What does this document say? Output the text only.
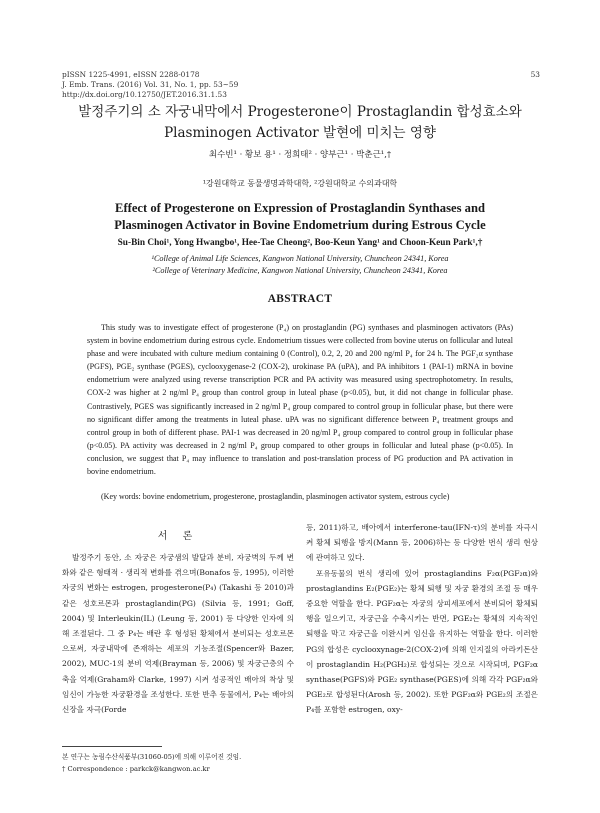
pISSN 1225-4991, eISSN 2288-0178
J. Emb. Trans. (2016) Vol. 31, No. 1, pp. 53~59
http://dx.doi.org/10.12750/JET.2016.31.1.53
53
발정주기의 소 자궁내막에서 Progesterone이 Prostaglandin 합성효소와
Plasminogen Activator 발현에 미치는 영향
최수빈¹ · 황보 용¹ · 정희태² · 양부근¹ · 박춘근¹,†
¹강원대학교 동물생명과학대학, ²강원대학교 수의과대학
Effect of Progesterone on Expression of Prostaglandin Synthases and
Plasminogen Activator in Bovine Endometrium during Estrous Cycle
Su-Bin Choi¹, Yong Hwangbo¹, Hee-Tae Cheong², Boo-Keun Yang¹ and Choon-Keun Park¹,†
¹College of Animal Life Sciences, Kangwon National University, Chuncheon 24341, Korea
²College of Veterinary Medicine, Kangwon National University, Chuncheon 24341, Korea
ABSTRACT

This study was to investigate effect of progesterone (P₄) on prostaglandin (PG) synthases and plasminogen activators (PAs) system in bovine endometrium during estrous cycle. Endometrium tissues were collected from bovine uterus on follicular and luteal phase and were incubated with culture medium containing 0 (Control), 0.2, 2, 20 and 200 ng/ml P₄ for 24 h. The PGF₂α synthase (PGFS), PGE₂ synthase (PGES), cyclooxygenase-2 (COX-2), urokinase PA (uPA), and PA inhibitors 1 (PAI-1) mRNA in bovine endometrium were analyzed using reverse transcription PCR and PA activity was measured using spectrophotometry. In results, COX-2 was higher at 2 ng/ml P₄ group than control group in luteal phase (p<0.05), but, it did not change in follicular phase. Contrastively, PGES was significantly increased in 2 ng/ml P₄ group compared to control group in follicular phase, but there were no significant differ among the treatments in luteal phase. uPA was no significant difference between P₄ treatment groups and control group in both of different phase. PAI-1 was decreased in 20 ng/ml P₄ group compared to control group in follicular phase (p<0.05). PA activity was decreased in 2 ng/ml P₄ group compared to other groups in follicular and luteal phase (p<0.05). In conclusion, we suggest that P₄ may influence to translation and post-translation process of PG production and PA activation in bovine endometrium.

(Key words: bovine endometrium, progesterone, prostaglandin, plasminogen activator system, estrous cycle)
서 론

발정주기 동안, 소 자궁은 자궁샘의 발달과 분비, 자궁벽의 두께 변화와 같은 형태적 · 생리적 변화를 겪으며(Bonafos 등, 1995), 이러한 자궁의 변화는 estrogen, progesterone(P₄) (Takashi 등 2010)과 같은 성호르몬과 prostaglandin(PG) (Silvia 등, 1991; Goff, 2004) 및 Interleukin(IL) (Leung 등, 2001) 등 다양한 인자에 의해 조절된다. 그 중 P₄는 배란 후 형성된 황체에서 분비되는 성호르몬으로써, 자궁내막에 존재하는 세포의 기능조절(Spencer와 Bazer, 2002), MUC-1의 분비 억제(Brayman 등, 2006) 및 자궁근층의 수축을 억제(Graham와 Clarke, 1997) 시켜 성공적인 배아의 착상 및 임신이 가능한 자궁환경을 조성한다. 또한 반추 동물에서, P₄는 배아의 신장을 자극(Forde

등, 2011)하고, 배아에서 interferone-tau(IFN-τ)의 분비를 자극시켜 황체 퇴행을 방지(Mann 등, 2006)하는 등 다양한 번식 생리 현상에 관여하고 있다.

포유동물의 번식 생리에 있어 prostaglandins F₂α(PGF₂α)와 prostaglandins E₂(PGE₂)는 황체 퇴행 및 자궁 환경의 조절 등 매우 중요한 역할을 한다. PGF₂α는 자궁의 상피세포에서 분비되어 황체퇴행을 일으키고, 자궁근을 수축시키는 반면, PGE₂는 황체의 지속적인 퇴행을 막고 자궁근을 이완시켜 임신을 유지하는 역할을 한다. 이러한 PG의 합성은 cyclooxynage-2(COX-2)에 의해 인지질의 아라키돈산이 prostaglandin H₂(PGH₂)로 합성되는 것으로 시작되며, PGF₂α synthase(PGFS)와 PGE₂ synthase(PGES)에 의해 각각 PGF₂α와 PGE₂로 합성된다(Arosh 등, 2002). 또한 PGF₂α와 PGE₂의 조절은 P₄를 포함한 estrogen, oxy-

본 연구는 농림수산식품부(31060-05)에 의해 이루어진 것임.
† Correspondence : parkck@kangwon.ac.kr
